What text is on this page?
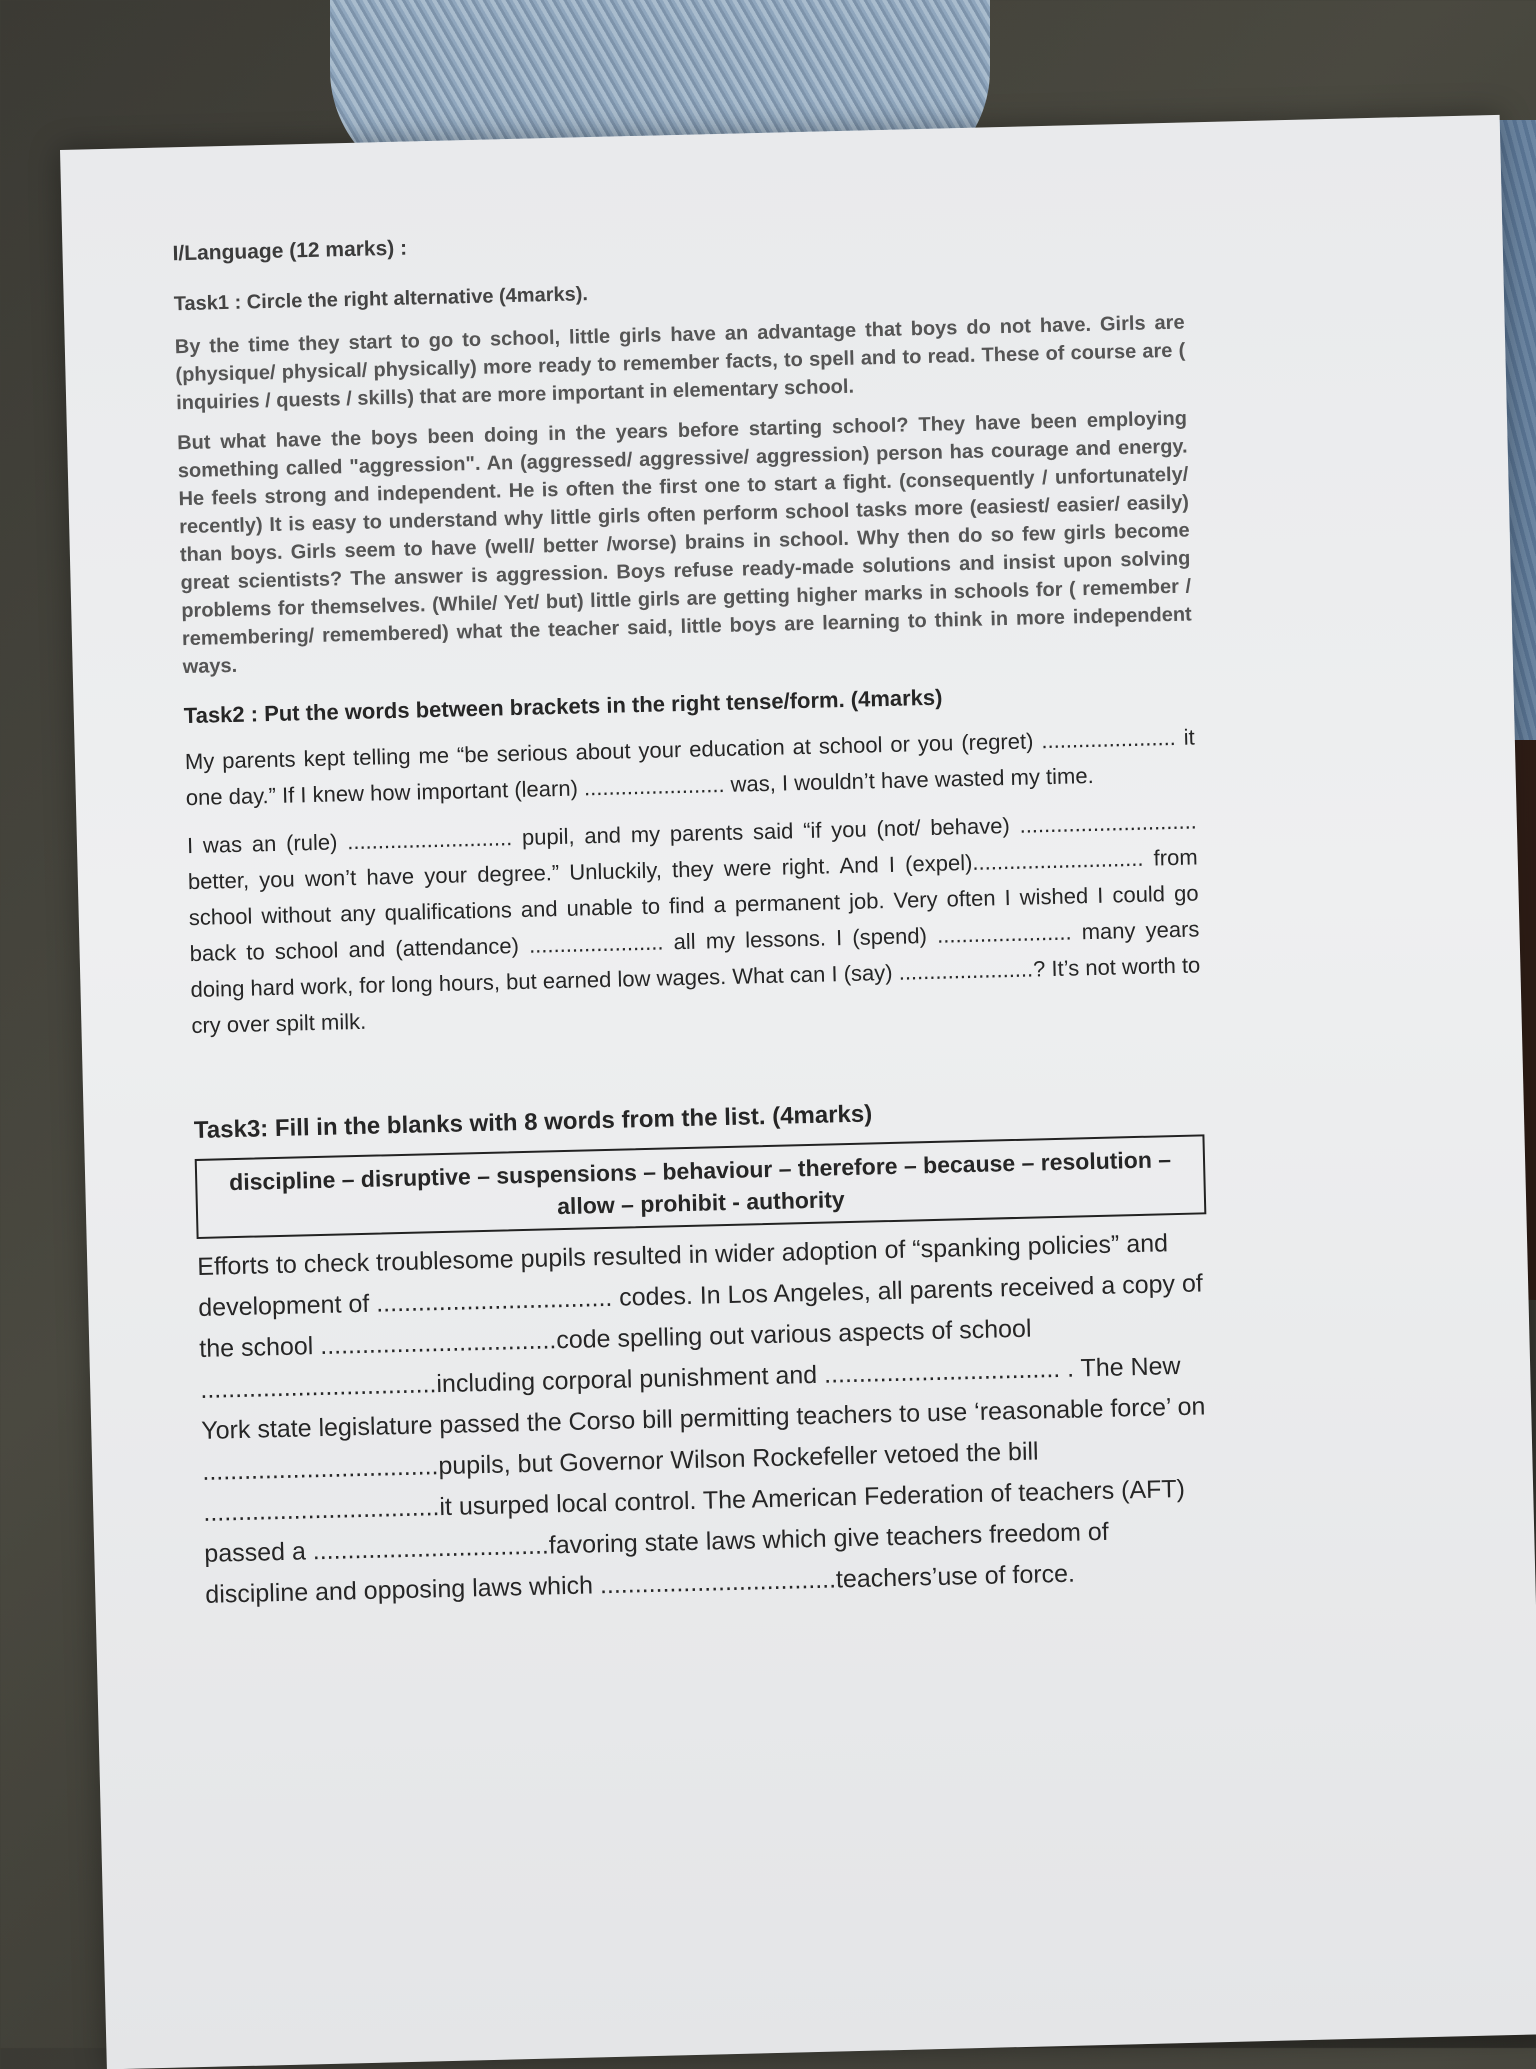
I/Language (12 marks) :
Task1 : Circle the right alternative (4marks).

By the time they start to go to school, little girls have an advantage that boys do not have. Girls are (physique/ physical/ physically) more ready to remember facts, to spell and to read. These of course are ( inquiries / quests / skills) that are more important in elementary school.

But what have the boys been doing in the years before starting school? They have been employing something called "aggression". An (aggressed/ aggressive/ aggression) person has courage and energy. He feels strong and independent. He is often the first one to start a fight. (consequently / unfortunately/ recently) It is easy to understand why little girls often perform school tasks more (easiest/ easier/ easily) than boys. Girls seem to have (well/ better /worse) brains in school. Why then do so few girls become great scientists? The answer is aggression. Boys refuse ready-made solutions and insist upon solving problems for themselves. (While/ Yet/ but) little girls are getting higher marks in schools for ( remember / remembering/ remembered) what the teacher said, little boys are learning to think in more independent ways.

Task2 : Put the words between brackets in the right tense/form. (4marks)

My parents kept telling me “be serious about your education at school or you (regret) ...................... it one day.” If I knew how important (learn) ....................... was, I wouldn’t have wasted my time.

I was an (rule) ........................... pupil, and my parents said “if you (not/ behave) ............................. better, you won’t have your degree.” Unluckily, they were right. And I (expel)............................ from school without any qualifications and unable to find a permanent job. Very often I wished I could go back to school and (attendance) ...................... all my lessons. I (spend) ...................... many years doing hard work, for long hours, but earned low wages. What can I (say) ......................? It’s not worth to cry over spilt milk.

Task3: Fill in the blanks with 8 words from the list. (4marks)
discipline – disruptive – suspensions – behaviour – therefore – because – resolution – allow – prohibit - authority

Efforts to check troublesome pupils resulted in wider adoption of “spanking policies” and development of .................................. codes. In Los Angeles, all parents received a copy of the school ..................................code spelling out various aspects of school ..................................including corporal punishment and .................................. . The New York state legislature passed the Corso bill permitting teachers to use ‘reasonable force’ on ..................................pupils, but Governor Wilson Rockefeller vetoed the bill ..................................it usurped local control. The American Federation of teachers (AFT) passed a ..................................favoring state laws which give teachers freedom of discipline and opposing laws which ..................................teachers’use of force.
